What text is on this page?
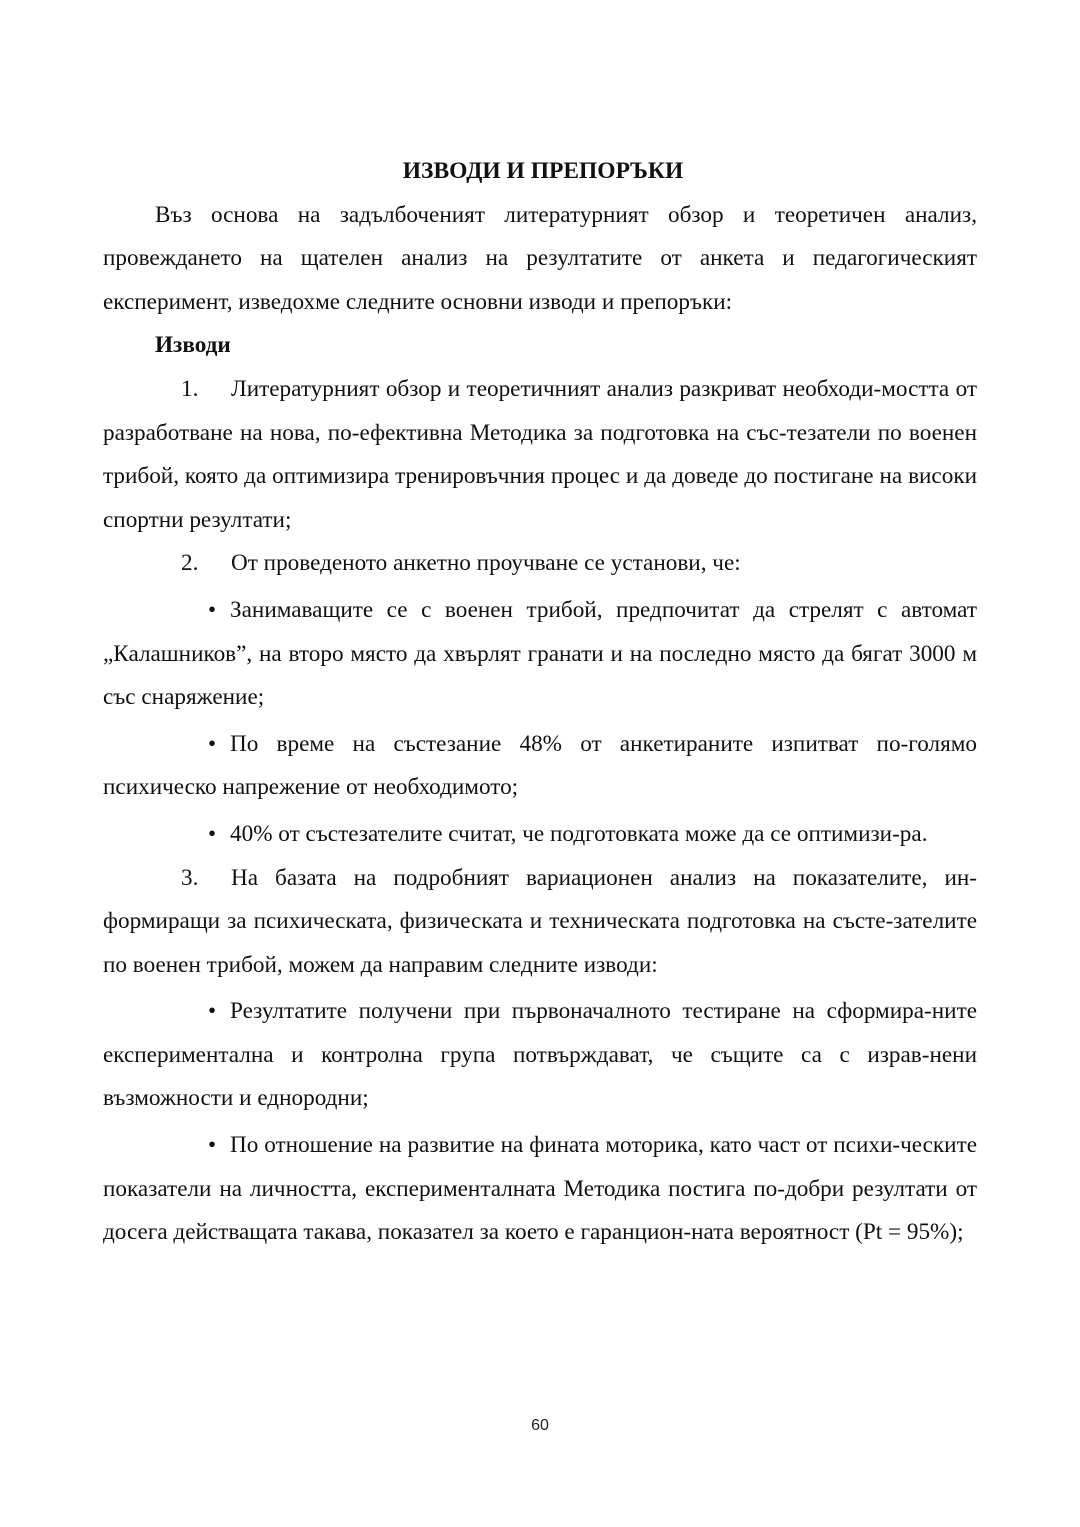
ИЗВОДИ И ПРЕПОРЪКИ

Въз основа на задълбоченият литературният обзор и теоретичен анализ, провеждането на щателен анализ на резултатите от анкета и педагогическият експеримент, изведохме следните основни изводи и препоръки:

Изводи

1. Литературният обзор и теоретичният анализ разкриват необходи-мостта от разработване на нова, по-ефективна Методика за подготовка на със-тезатели по военен трибой, която да оптимизира тренировъчния процес и да доведе до постигане на високи спортни резултати;

2. От проведеното анкетно проучване се установи, че:

• Занимаващите се с военен трибой, предпочитат да стрелят с автомат „Калашников”, на второ място да хвърлят гранати и на последно място да бягат 3000 м със снаряжение;

• По време на състезание 48% от анкетираните изпитват по-голямо психическо напрежение от необходимото;

• 40% от състезателите считат, че подготовката може да се оптимизи-ра.

3. На базата на подробният вариационен анализ на показателите, ин-формиращи за психическата, физическата и техническата подготовка на състе-зателите по военен трибой, можем да направим следните изводи:

• Резултатите получени при първоначалното тестиране на сформира-ните експериментална и контролна група потвърждават, че същите са с израв-нени възможности и еднородни;

• По отношение на развитие на фината моторика, като част от психи-ческите показатели на личността, експерименталната Методика постига по-добри резултати от досега действащата такава, показател за което е гаранцион-ната вероятност (Pt = 95%);

60
